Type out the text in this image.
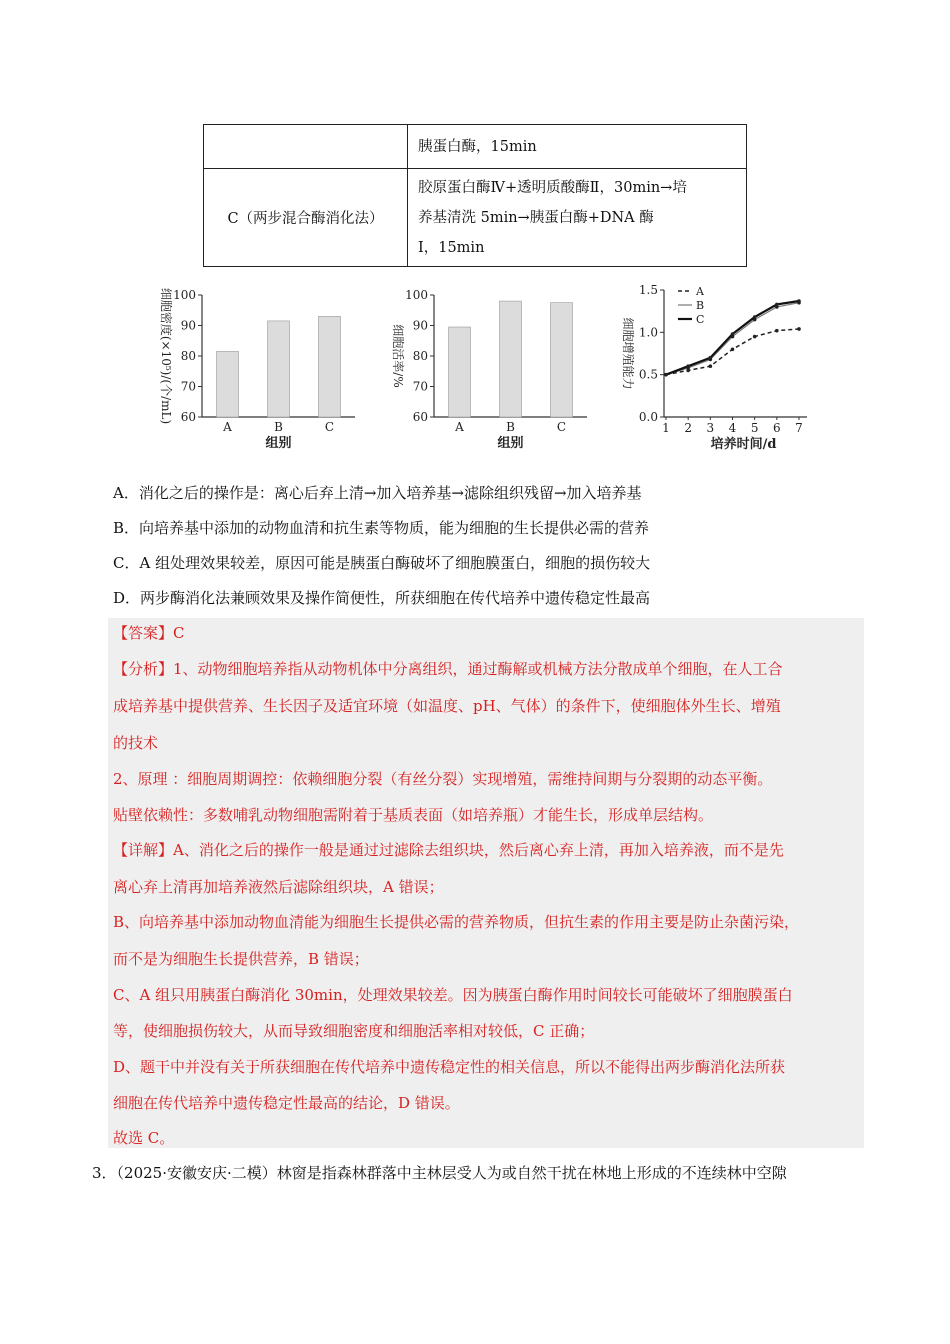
	胰蛋白酶，15min

C（两步混合酶消化法）	胶原蛋白酶Ⅳ+透明质酸酶Ⅱ，30min→培
养基清洗 5min→胰蛋白酶+DNA 酶
I，15min
60
70
80
90
100
A	B	C
组别
细胞密度(×10⁵)/(个/mL)	60
70
80
90
100
A	B	C
组别
细胞活率/%
0.0
0.5
1.0
1.5
1 2 3 4 5 6 7
A
B
C
培养时间/d
细胞增殖能力
A．消化之后的操作是：离心后弃上清→加入培养基→滤除组织残留→加入培养基
B．向培养基中添加的动物血清和抗生素等物质，能为细胞的生长提供必需的营养
C．A 组处理效果较差，原因可能是胰蛋白酶破坏了细胞膜蛋白，细胞的损伤较大
D．两步酶消化法兼顾效果及操作简便性，所获细胞在传代培养中遗传稳定性最高
【答案】C
【分析】1、动物细胞培养指从动物机体中分离组织，通过酶解或机械方法分散成单个细胞，在人工合
成培养基中提供营养、生长因子及适宜环境（如温度、pH、气体）的条件下，使细胞体外生长、增殖
的技术
2、原理 ：细胞周期调控：依赖细胞分裂（有丝分裂）实现增殖，需维持间期与分裂期的动态平衡。
贴壁依赖性：多数哺乳动物细胞需附着于基质表面（如培养瓶）才能生长，形成单层结构。
【详解】A、消化之后的操作一般是通过过滤除去组织块，然后离心弃上清，再加入培养液，而不是先
离心弃上清再加培养液然后滤除组织块，A 错误；
B、向培养基中添加动物血清能为细胞生长提供必需的营养物质，但抗生素的作用主要是防止杂菌污染，
而不是为细胞生长提供营养，B 错误；
C、A 组只用胰蛋白酶消化 30min，处理效果较差。因为胰蛋白酶作用时间较长可能破坏了细胞膜蛋白
等，使细胞损伤较大，从而导致细胞密度和细胞活率相对较低，C 正确；
D、题干中并没有关于所获细胞在传代培养中遗传稳定性的相关信息，所以不能得出两步酶消化法所获
细胞在传代培养中遗传稳定性最高的结论，D 错误。
故选 C。
3．（2025·安徽安庆·二模）林窗是指森林群落中主林层受人为或自然干扰在林地上形成的不连续林中空隙
